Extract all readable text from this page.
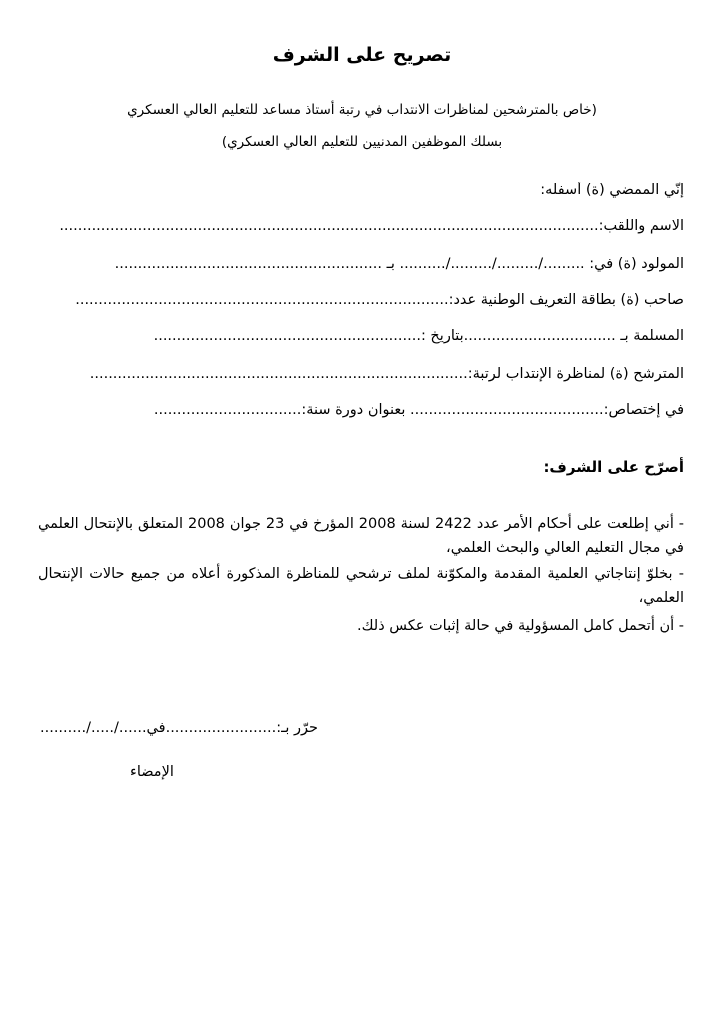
تصريح على الشرف
(خاص بالمترشحين لمناظرات الانتداب في رتبة أستاذ مساعد للتعليم العالي العسكري
بسلك الموظفين المدنيين للتعليم العالي العسكري)
إنّي الممضي (ة) أسفله:
الاسم واللقب:.....................................................................................................................
المولود (ة) في: ........./........./........./.......... بـ ..........................................................
صاحب (ة) بطاقة التعريف الوطنية عدد:.................................................................................
المسلمة بـ .................................بتاريخ :..........................................................
المترشح (ة) لمناظرة الإنتداب لرتبة:..................................................................................
في إختصاص:.......................................... بعنوان دورة سنة:................................
أصرّح على الشرف:
- أني إطلعت على أحكام الأمر عدد 2422 لسنة 2008 المؤرخ في 23 جوان 2008 المتعلق بالإنتحال العلمي في مجال التعليم العالي والبحث العلمي،
- بخلوّ إنتاجاتي العلمية المقدمة والمكوّنة لملف ترشحي للمناظرة المذكورة أعلاه من جميع حالات الإنتحال العلمي،
- أن أتحمل كامل المسؤولية في حالة إثبات عكس ذلك.
حرّر بـ:........................في....../...../..........
الإمضاء
